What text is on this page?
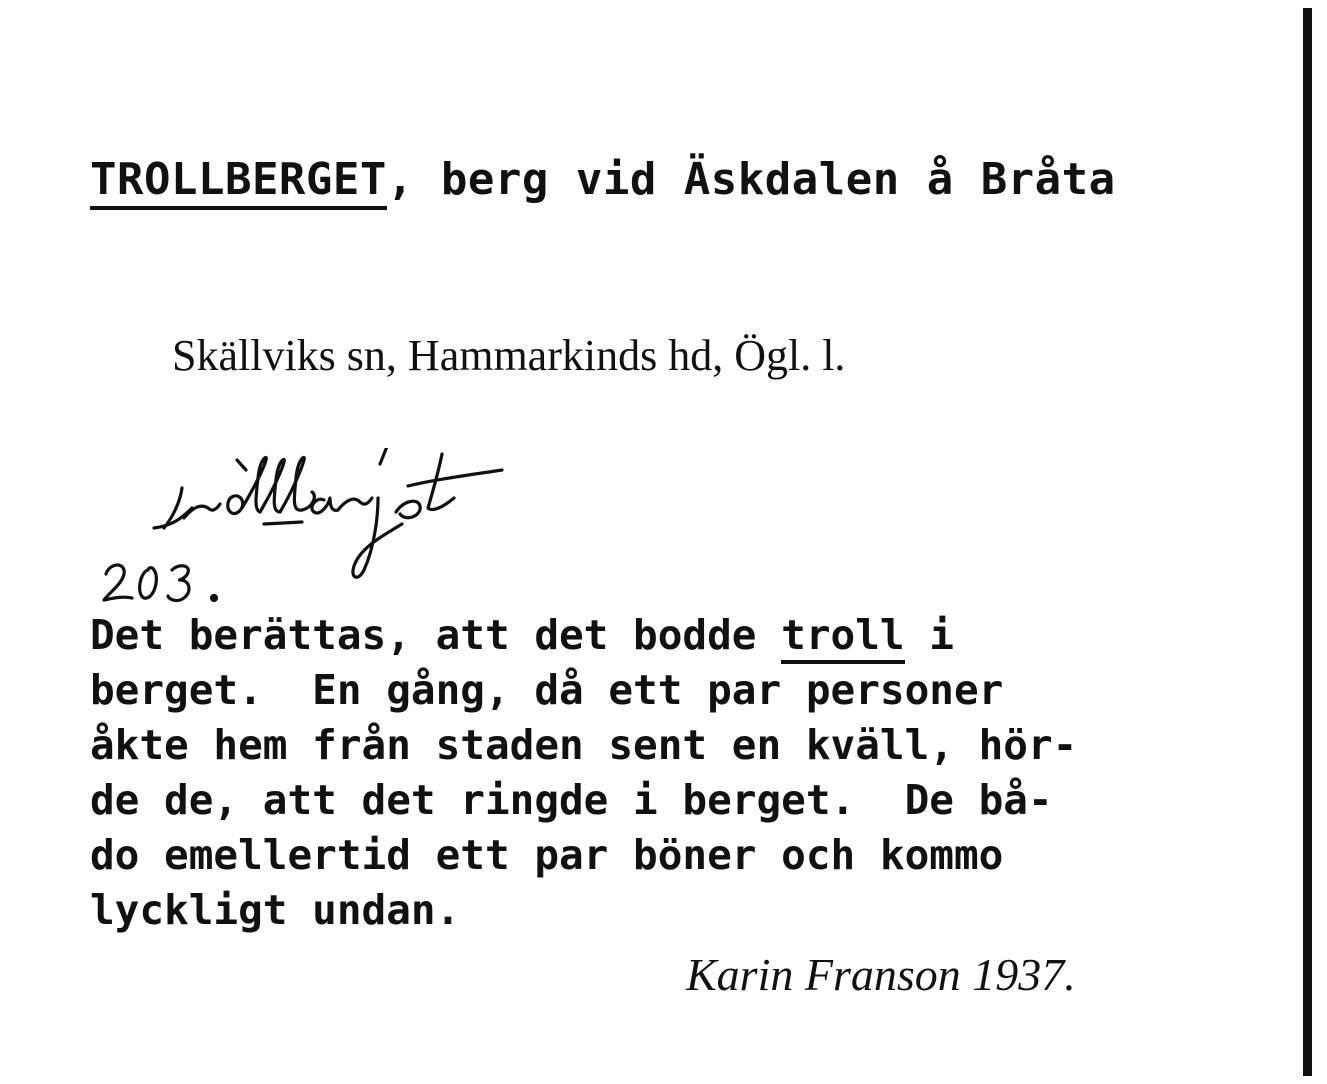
TROLLBERGET, berg vid Äskdalen å Bråta
Skällviks sn, Hammarkinds hd, Ögl. l.
Det berättas, att det bodde troll i
berget.  En gång, då ett par personer
åkte hem från staden sent en kväll, hör-
de de, att det ringde i berget.  De bå-
do emellertid ett par böner och kommo
lyckligt undan.
Karin Franson 1937.
